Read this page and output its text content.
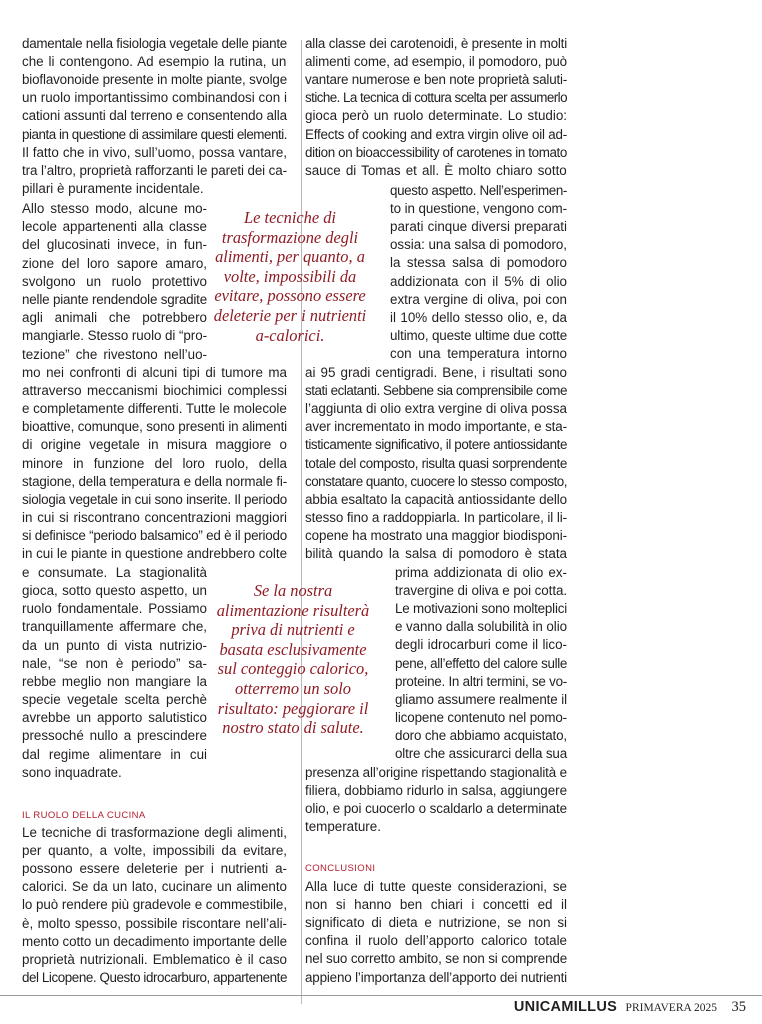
damentale nella fisiologia vegetale delle piante
che li contengono. Ad esempio la rutina, un
bioflavonoide presente in molte piante, svolge
un ruolo importantissimo combinandosi con i
cationi assunti dal terreno e consentendo alla
pianta in questione di assimilare questi elementi.
Il fatto che in vivo, sull’uomo, possa vantare,
tra l’altro, proprietà rafforzanti le pareti dei ca-
pillari è puramente incidentale.
Allo stesso modo, alcune mo-
lecole appartenenti alla classe
del glucosinati invece, in fun-
zione del loro sapore amaro,
svolgono un ruolo protettivo
nelle piante rendendole sgradite
agli animali che potrebbero
mangiarle. Stesso ruolo di “pro-
tezione” che rivestono nell’uo-
mo nei confronti di alcuni tipi di tumore ma
attraverso meccanismi biochimici complessi
e completamente differenti. Tutte le molecole
bioattive, comunque, sono presenti in alimenti
di origine vegetale in misura maggiore o
minore in funzione del loro ruolo, della
stagione, della temperatura e della normale fi-
siologia vegetale in cui sono inserite. Il periodo
in cui si riscontrano concentrazioni maggiori
si definisce “periodo balsamico” ed è il periodo
in cui le piante in questione andrebbero colte
e consumate. La stagionalità
gioca, sotto questo aspetto, un
ruolo fondamentale. Possiamo
tranquillamente affermare che,
da un punto di vista nutrizio-
nale, “se non è periodo” sa-
rebbe meglio non mangiare la
specie vegetale scelta perchè
avrebbe un apporto salutistico
pressoché nullo a prescindere
dal regime alimentare in cui
sono inquadrate.
Le tecniche di trasformazione degli alimenti,
per quanto, a volte, impossibili da evitare,
possono essere deleterie per i nutrienti a-
calorici. Se da un lato, cucinare un alimento
lo può rendere più gradevole e commestibile,
è, molto spesso, possibile riscontare nell’ali-
mento cotto un decadimento importante delle
proprietà nutrizionali. Emblematico è il caso
del Licopene. Questo idrocarburo, appartenente
alla classe dei carotenoidi, è presente in molti
alimenti come, ad esempio, il pomodoro, può
vantare numerose e ben note proprietà saluti-
stiche. La tecnica di cottura scelta per assumerlo
gioca però un ruolo determinate. Lo studio:
Effects of cooking and extra virgin olive oil ad-
dition on bioaccessibility of carotenes in tomato
sauce di Tomas et all. È molto chiaro sotto
questo aspetto. Nell’esperimen-
to in questione, vengono com-
parati cinque diversi preparati
ossia: una salsa di pomodoro,
la stessa salsa di pomodoro
addizionata con il 5% di olio
extra vergine di oliva, poi con
il 10% dello stesso olio, e, da
ultimo, queste ultime due cotte
con una temperatura intorno
ai 95 gradi centigradi. Bene, i risultati sono
stati eclatanti. Sebbene sia comprensibile come
l’aggiunta di olio extra vergine di oliva possa
aver incrementato in modo importante, e sta-
tisticamente significativo, il potere antiossidante
totale del composto, risulta quasi sorprendente
constatare quanto, cuocere lo stesso composto,
abbia esaltato la capacità antiossidante dello
stesso fino a raddoppiarla. In particolare, il li-
copene ha mostrato una maggior biodisponi-
bilità quando la salsa di pomodoro è stata
prima addizionata di olio ex-
travergine di oliva e poi cotta.
Le motivazioni sono molteplici
e vanno dalla solubilità in olio
degli idrocarburi come il lico-
pene, all’effetto del calore sulle
proteine. In altri termini, se vo-
gliamo assumere realmente il
licopene contenuto nel pomo-
doro che abbiamo acquistato,
oltre che assicurarci della sua
presenza all’origine rispettando stagionalità e
filiera, dobbiamo ridurlo in salsa, aggiungere
olio, e poi cuocerlo o scaldarlo a determinate
temperature.
Alla luce di tutte queste considerazioni, se
non si hanno ben chiari i concetti ed il
significato di dieta e nutrizione, se non si
confina il ruolo dell’apporto calorico totale
nel suo corretto ambito, se non si comprende
appieno l’importanza dell’apporto dei nutrienti
IL RUOLO DELLA CUCINA
CONCLUSIONI
Le tecniche di
trasformazione degli
alimenti, per quanto, a
volte, impossibili da
evitare, possono essere
deleterie per i nutrienti
a-calorici.
Se la nostra
alimentazione risulterà
priva di nutrienti e
basata esclusivamente
sul conteggio calorico,
otterremo un solo
risultato: peggiorare il
nostro stato di salute.
UNICAMILLUS PRIMAVERA 2025 35
